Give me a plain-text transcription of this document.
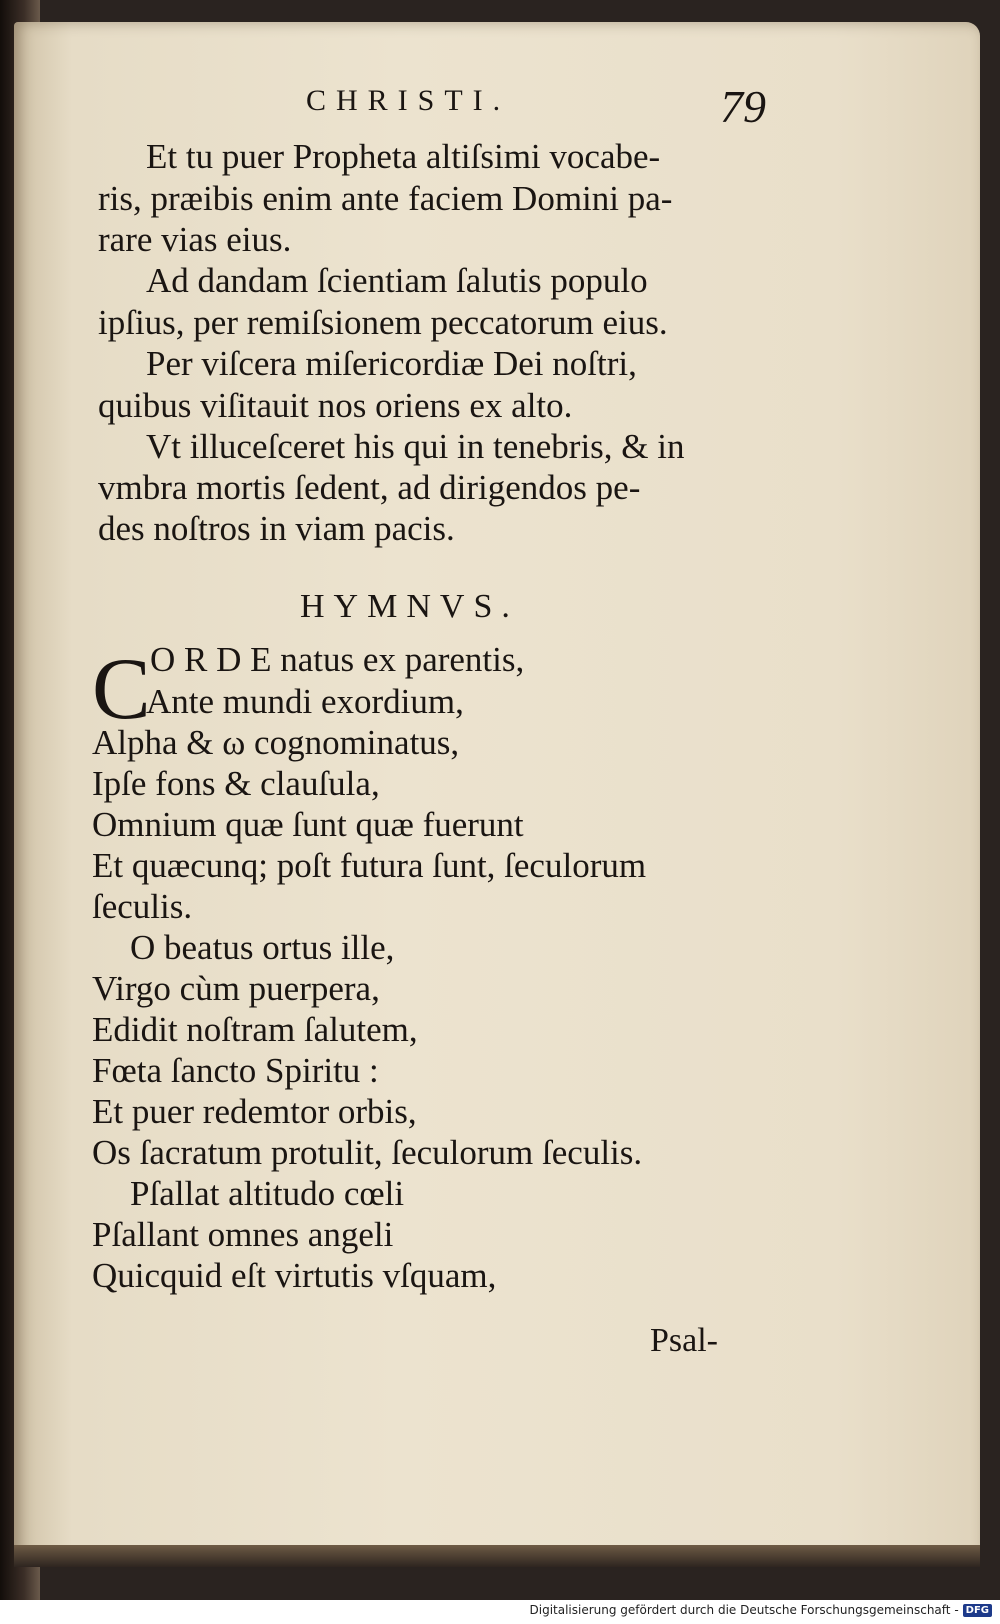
CHRISTI.	79
Et tu puer Propheta altiſsimi vocabe-
ris, præibis enim ante faciem Domini pa-
rare vias eius.
Ad dandam ſcientiam ſalutis populo
ipſius, per remiſsionem peccatorum eius.
Per viſcera miſericordiæ Dei noſtri,
quibus viſitauit nos oriens ex alto.
Vt illuceſceret his qui in tenebris, & in
vmbra mortis ſedent, ad dirigendos pe-
des noſtros in viam pacis.
HYMNVS.
C O R D E natus ex parentis,
Ante mundi exordium,
Alpha & ω cognominatus,
Ipſe fons & clauſula,
Omnium quæ ſunt quæ fuerunt
Et quæcunq; poſt futura ſunt, ſeculorum
ſeculis.
O beatus ortus ille,
Virgo cùm puerpera,
Edidit noſtram ſalutem,
Fœta ſancto Spiritu :
Et puer redemtor orbis,
Os ſacratum protulit, ſeculorum ſeculis.
Pſallat altitudo cœli
Pſallant omnes angeli
Quicquid eſt virtutis vſquam,
Psal-
Digitalisierung gefördert durch die Deutsche Forschungsgemeinschaft - DFG
